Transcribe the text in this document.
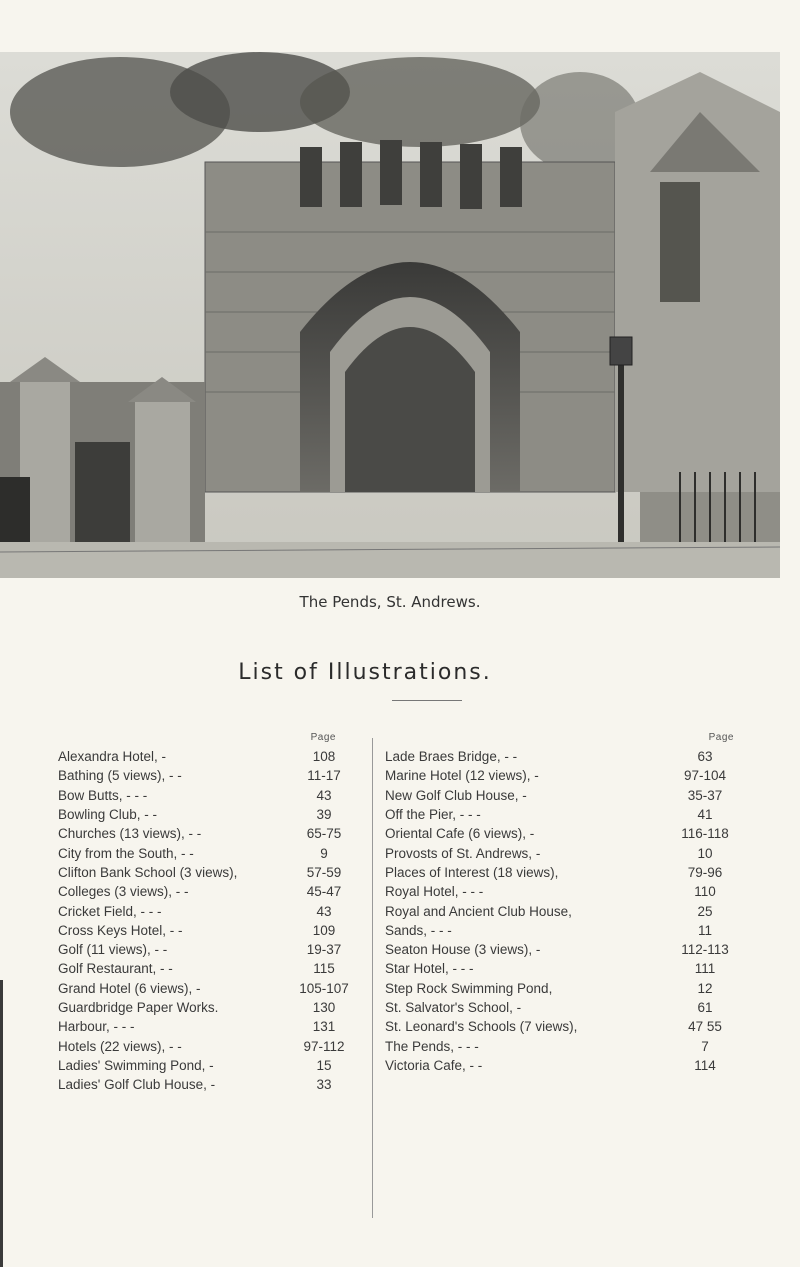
The Pends, St. Andrews.
List of Illustrations.
Page
Alexandra Hotel, -	108
Bathing (5 views), - -	11-17
Bow Butts, - - -	43
Bowling Club, - -	39
Churches (13 views), - -	65-75
City from the South, - -	9
Clifton Bank School (3 views),	57-59
Colleges (3 views), - -	45-47
Cricket Field, - - -	43
Cross Keys Hotel, - -	109
Golf (11 views), - -	19-37
Golf Restaurant, - -	115
Grand Hotel (6 views), -	105-107
Guardbridge Paper Works.	130
Harbour, - - -	131
Hotels (22 views), - -	97-112
Ladies' Swimming Pond, -	15
Ladies' Golf Club House, -	33
Page
Lade Braes Bridge, - -	63
Marine Hotel (12 views), -	97-104
New Golf Club House, -	35-37
Off the Pier, - - -	41
Oriental Cafe (6 views), -	116-118
Provosts of St. Andrews, -	10
Places of Interest (18 views),	79-96
Royal Hotel, - - -	110
Royal and Ancient Club House,	25
Sands, - - -	11
Seaton House (3 views), -	112-113
Star Hotel, - - -	111
Step Rock Swimming Pond,	12
St. Salvator's School, -	61
St. Leonard's Schools (7 views),	47 55
The Pends, - - -	7
Victoria Cafe, - -	114
